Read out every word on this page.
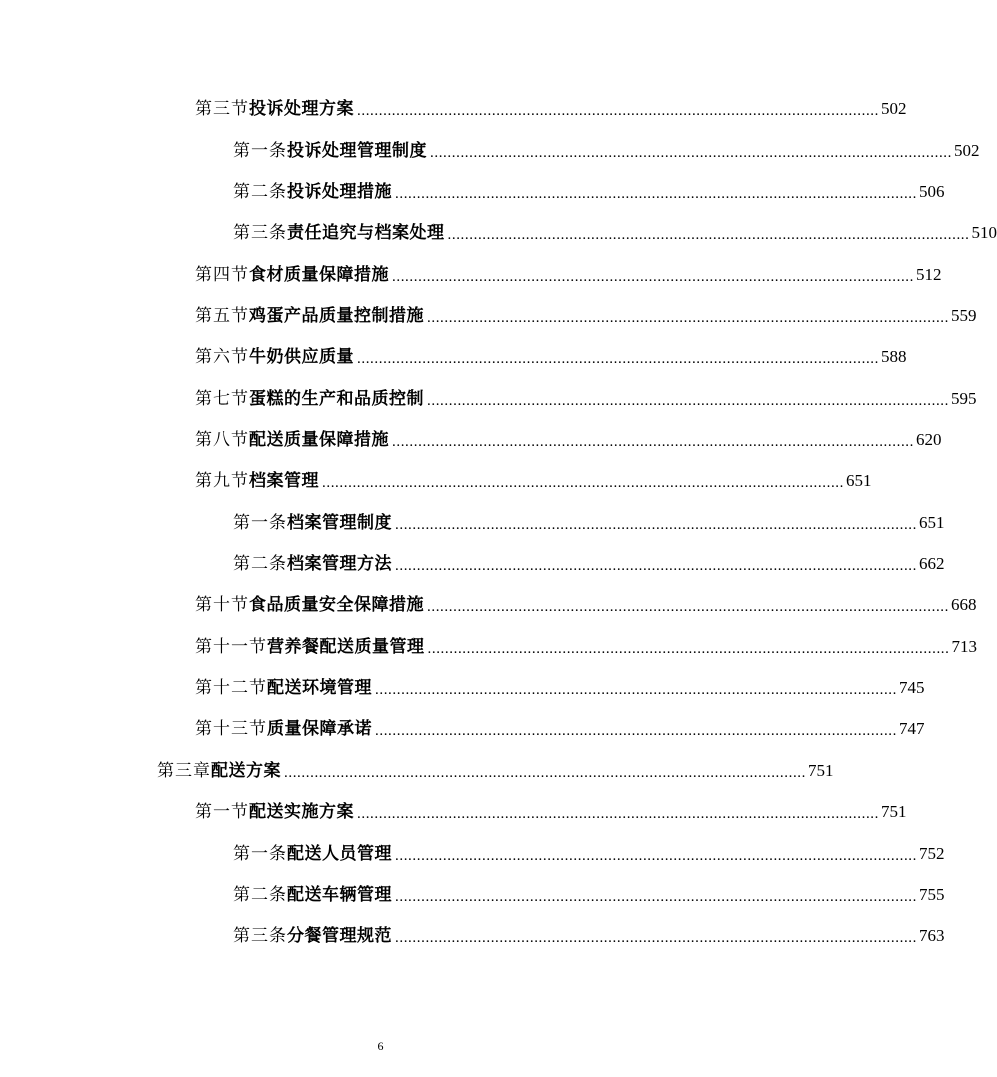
第三节 投诉处理方案 ........................................................................................................................ 502
第一条 投诉处理管理制度 ........................................................................................................................ 502
第二条 投诉处理措施 ........................................................................................................................ 506
第三条 责任追究与档案处理 ........................................................................................................................ 510
第四节 食材质量保障措施 ........................................................................................................................ 512
第五节 鸡蛋产品质量控制措施 ........................................................................................................................ 559
第六节 牛奶供应质量 ........................................................................................................................ 588
第七节 蛋糕的生产和品质控制 ........................................................................................................................ 595
第八节 配送质量保障措施 ........................................................................................................................ 620
第九节 档案管理 ........................................................................................................................ 651
第一条 档案管理制度 ........................................................................................................................ 651
第二条 档案管理方法 ........................................................................................................................ 662
第十节 食品质量安全保障措施 ........................................................................................................................ 668
第十一节 营养餐配送质量管理 ........................................................................................................................ 713
第十二节 配送环境管理 ........................................................................................................................ 745
第十三节 质量保障承诺 ........................................................................................................................ 747
第三章 配送方案 ........................................................................................................................ 751
第一节 配送实施方案 ........................................................................................................................ 751
第一条 配送人员管理 ........................................................................................................................ 752
第二条 配送车辆管理 ........................................................................................................................ 755
第三条 分餐管理规范 ........................................................................................................................ 763
6
